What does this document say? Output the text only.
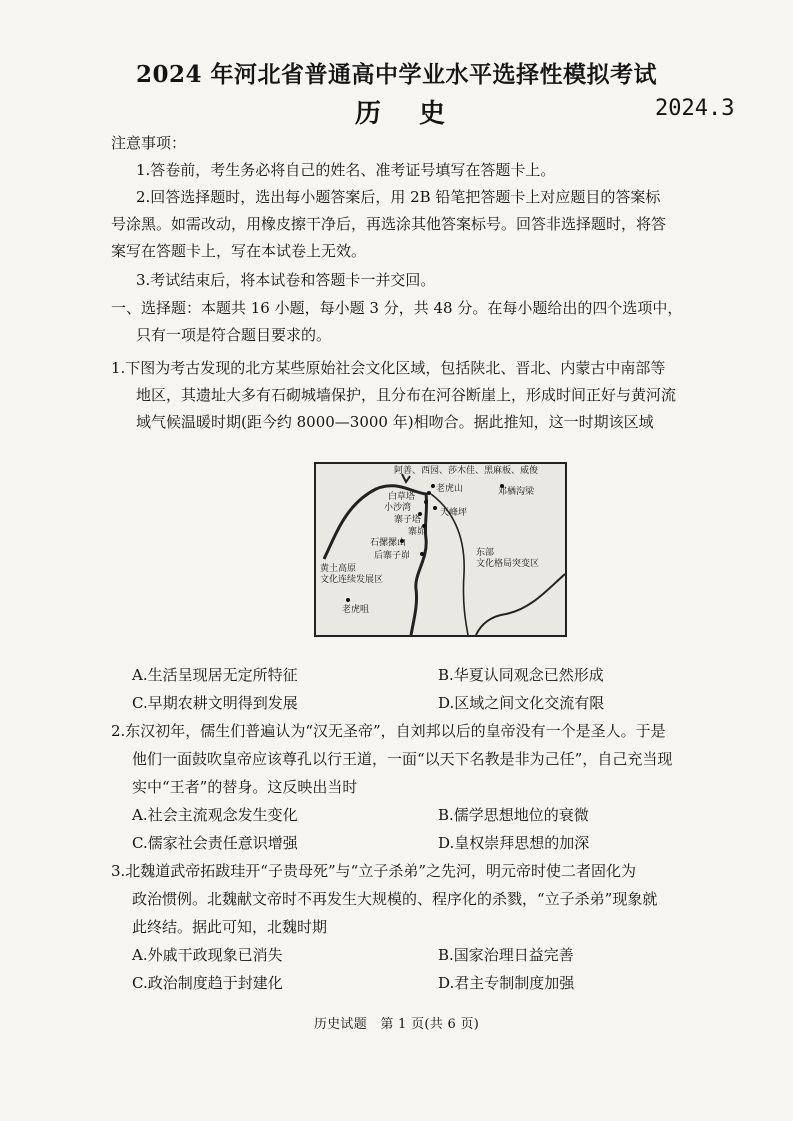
2024 年河北省普通高中学业水平选择性模拟考试
历史	2024.3
注意事项：
1.答卷前，考生务必将自己的姓名、准考证号填写在答题卡上。
2.回答选择题时，选出每小题答案后，用 2B 铅笔把答题卡上对应题目的答案标
号涂黑。如需改动，用橡皮擦干净后，再选涂其他答案标号。回答非选择题时，将答
案写在答题卡上，写在本试卷上无效。
3.考试结束后，将本试卷和答题卡一并交回。
一、选择题：本题共 16 小题，每小题 3 分，共 48 分。在每小题给出的四个选项中，
只有一项是符合题目要求的。
1.下图为考古发现的北方某些原始社会文化区域，包括陕北、晋北、内蒙古中南部等
地区，其遗址大多有石砌城墙保护，且分布在河谷断崖上，形成时间正好与黄河流
域气候温暖时期(距今约 8000—3000 年)相吻合。据此推知，这一时期该区域
阿善、西园、莎木佳、黑麻板、威俊
白草塔
小沙湾
寨子塔
寨峁
老虎山
天峰坪
邓楢沟梁
石摞摞山
后寨子峁
黄土高原
文化连续发展区
东部
文化格局突变区
老虎咀
A.生活呈现居无定所特征	B.华夏认同观念已然形成
C.早期农耕文明得到发展	D.区域之间文化交流有限
2.东汉初年，儒生们普遍认为“汉无圣帝”，自刘邦以后的皇帝没有一个是圣人。于是
他们一面鼓吹皇帝应该尊孔以行王道，一面“以天下名教是非为己任”，自己充当现
实中“王者”的替身。这反映出当时
A.社会主流观念发生变化	B.儒学思想地位的衰微
C.儒家社会责任意识增强	D.皇权崇拜思想的加深
3.北魏道武帝拓跋珪开“子贵母死”与“立子杀弟”之先河，明元帝时使二者固化为
政治惯例。北魏献文帝时不再发生大规模的、程序化的杀戮，“立子杀弟”现象就
此终结。据此可知，北魏时期
A.外戚干政现象已消失	B.国家治理日益完善
C.政治制度趋于封建化	D.君主专制制度加强
历史试题　第 1 页(共 6 页)
